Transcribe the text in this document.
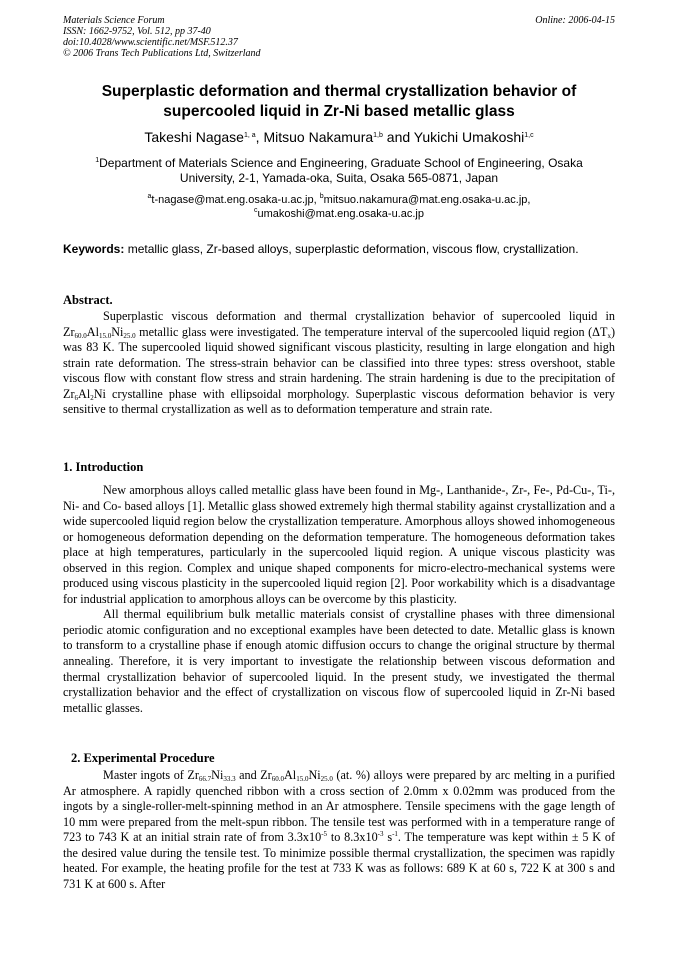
Materials Science Forum
ISSN: 1662-9752, Vol. 512, pp 37-40
doi:10.4028/www.scientific.net/MSF.512.37
© 2006 Trans Tech Publications Ltd, Switzerland
Online: 2006-04-15
Superplastic deformation and thermal crystallization behavior of
supercooled liquid in Zr-Ni based metallic glass
Takeshi Nagase$^{1, a}$, Mitsuo Nakamura$^{1,b}$ and Yukichi Umakoshi$^{1,c}$
$^1$Department of Materials Science and Engineering, Graduate School of Engineering, Osaka
University, 2-1, Yamada-oka, Suita, Osaka 565-0871, Japan
$^a$t-nagase@mat.eng.osaka-u.ac.jp, $^b$mitsuo.nakamura@mat.eng.osaka-u.ac.jp,
$^c$umakoshi@mat.eng.osaka-u.ac.jp
Keywords: metallic glass, Zr-based alloys, superplastic deformation, viscous flow, crystallization.
Abstract.

Superplastic viscous deformation and thermal crystallization behavior of supercooled liquid in $Zr_{60.0}Al_{15.0}Ni_{25.0}$ metallic glass were investigated. The temperature interval of the supercooled liquid region $(\Delta T_x)$ was 83 K. The supercooled liquid showed significant viscous plasticity, resulting in large elongation and high strain rate deformation. The stress-strain behavior can be classified into three types: stress overshoot, stable viscous flow with constant flow stress and strain hardening. The strain hardening is due to the precipitation of $Zr_6Al_2Ni$ crystalline phase with ellipsoidal morphology. Superplastic viscous deformation behavior is very sensitive to thermal crystallization as well as to deformation temperature and strain rate.

1. Introduction

New amorphous alloys called metallic glass have been found in Mg-, Lanthanide-, Zr-, Fe-, Pd-Cu-, Ti-, Ni- and Co- based alloys [1]. Metallic glass showed extremely high thermal stability against crystallization and a wide supercooled liquid region below the crystallization temperature. Amorphous alloys showed inhomogeneous or homogeneous deformation depending on the deformation temperature. The homogeneous deformation takes place at high temperatures, particularly in the supercooled liquid region. A unique viscous plasticity was observed in this region. Complex and unique shaped components for micro-electro-mechanical systems were produced using viscous plasticity in the supercooled liquid region [2]. Poor workability which is a disadvantage for industrial application to amorphous alloys can be overcome by this plasticity.

All thermal equilibrium bulk metallic materials consist of crystalline phases with three dimensional periodic atomic configuration and no exceptional examples have been detected to date. Metallic glass is known to transform to a crystalline phase if enough atomic diffusion occurs to change the original structure by thermal annealing. Therefore, it is very important to investigate the relationship between viscous deformation and thermal crystallization behavior of supercooled liquid. In the present study, we investigated the thermal crystallization behavior and the effect of crystallization on viscous flow of supercooled liquid in Zr-Ni based metallic glasses.

2. Experimental Procedure

Master ingots of $Zr_{66.7}Ni_{33.3}$ and $Zr_{60.0}Al_{15.0}Ni_{25.0}$ (at. %) alloys were prepared by arc melting in a purified Ar atmosphere. A rapidly quenched ribbon with a cross section of 2.0mm x 0.02mm was produced from the ingots by a single-roller-melt-spinning method in an Ar atmosphere. Tensile specimens with the gage length of 10 mm were prepared from the melt-spun ribbon. The tensile test was performed with in a temperature range of 723 to 743 K at an initial strain rate of from $3.3x10^{-5}$ to $8.3x10^{-3}$ $s^{-1}$. The temperature was kept within ± 5 K of the desired value during the tensile test. To minimize possible thermal crystallization, the specimen was rapidly heated. For example, the heating profile for the test at 733 K was as follows: 689 K at 60 s, 722 K at 300 s and 731 K at 600 s. After
